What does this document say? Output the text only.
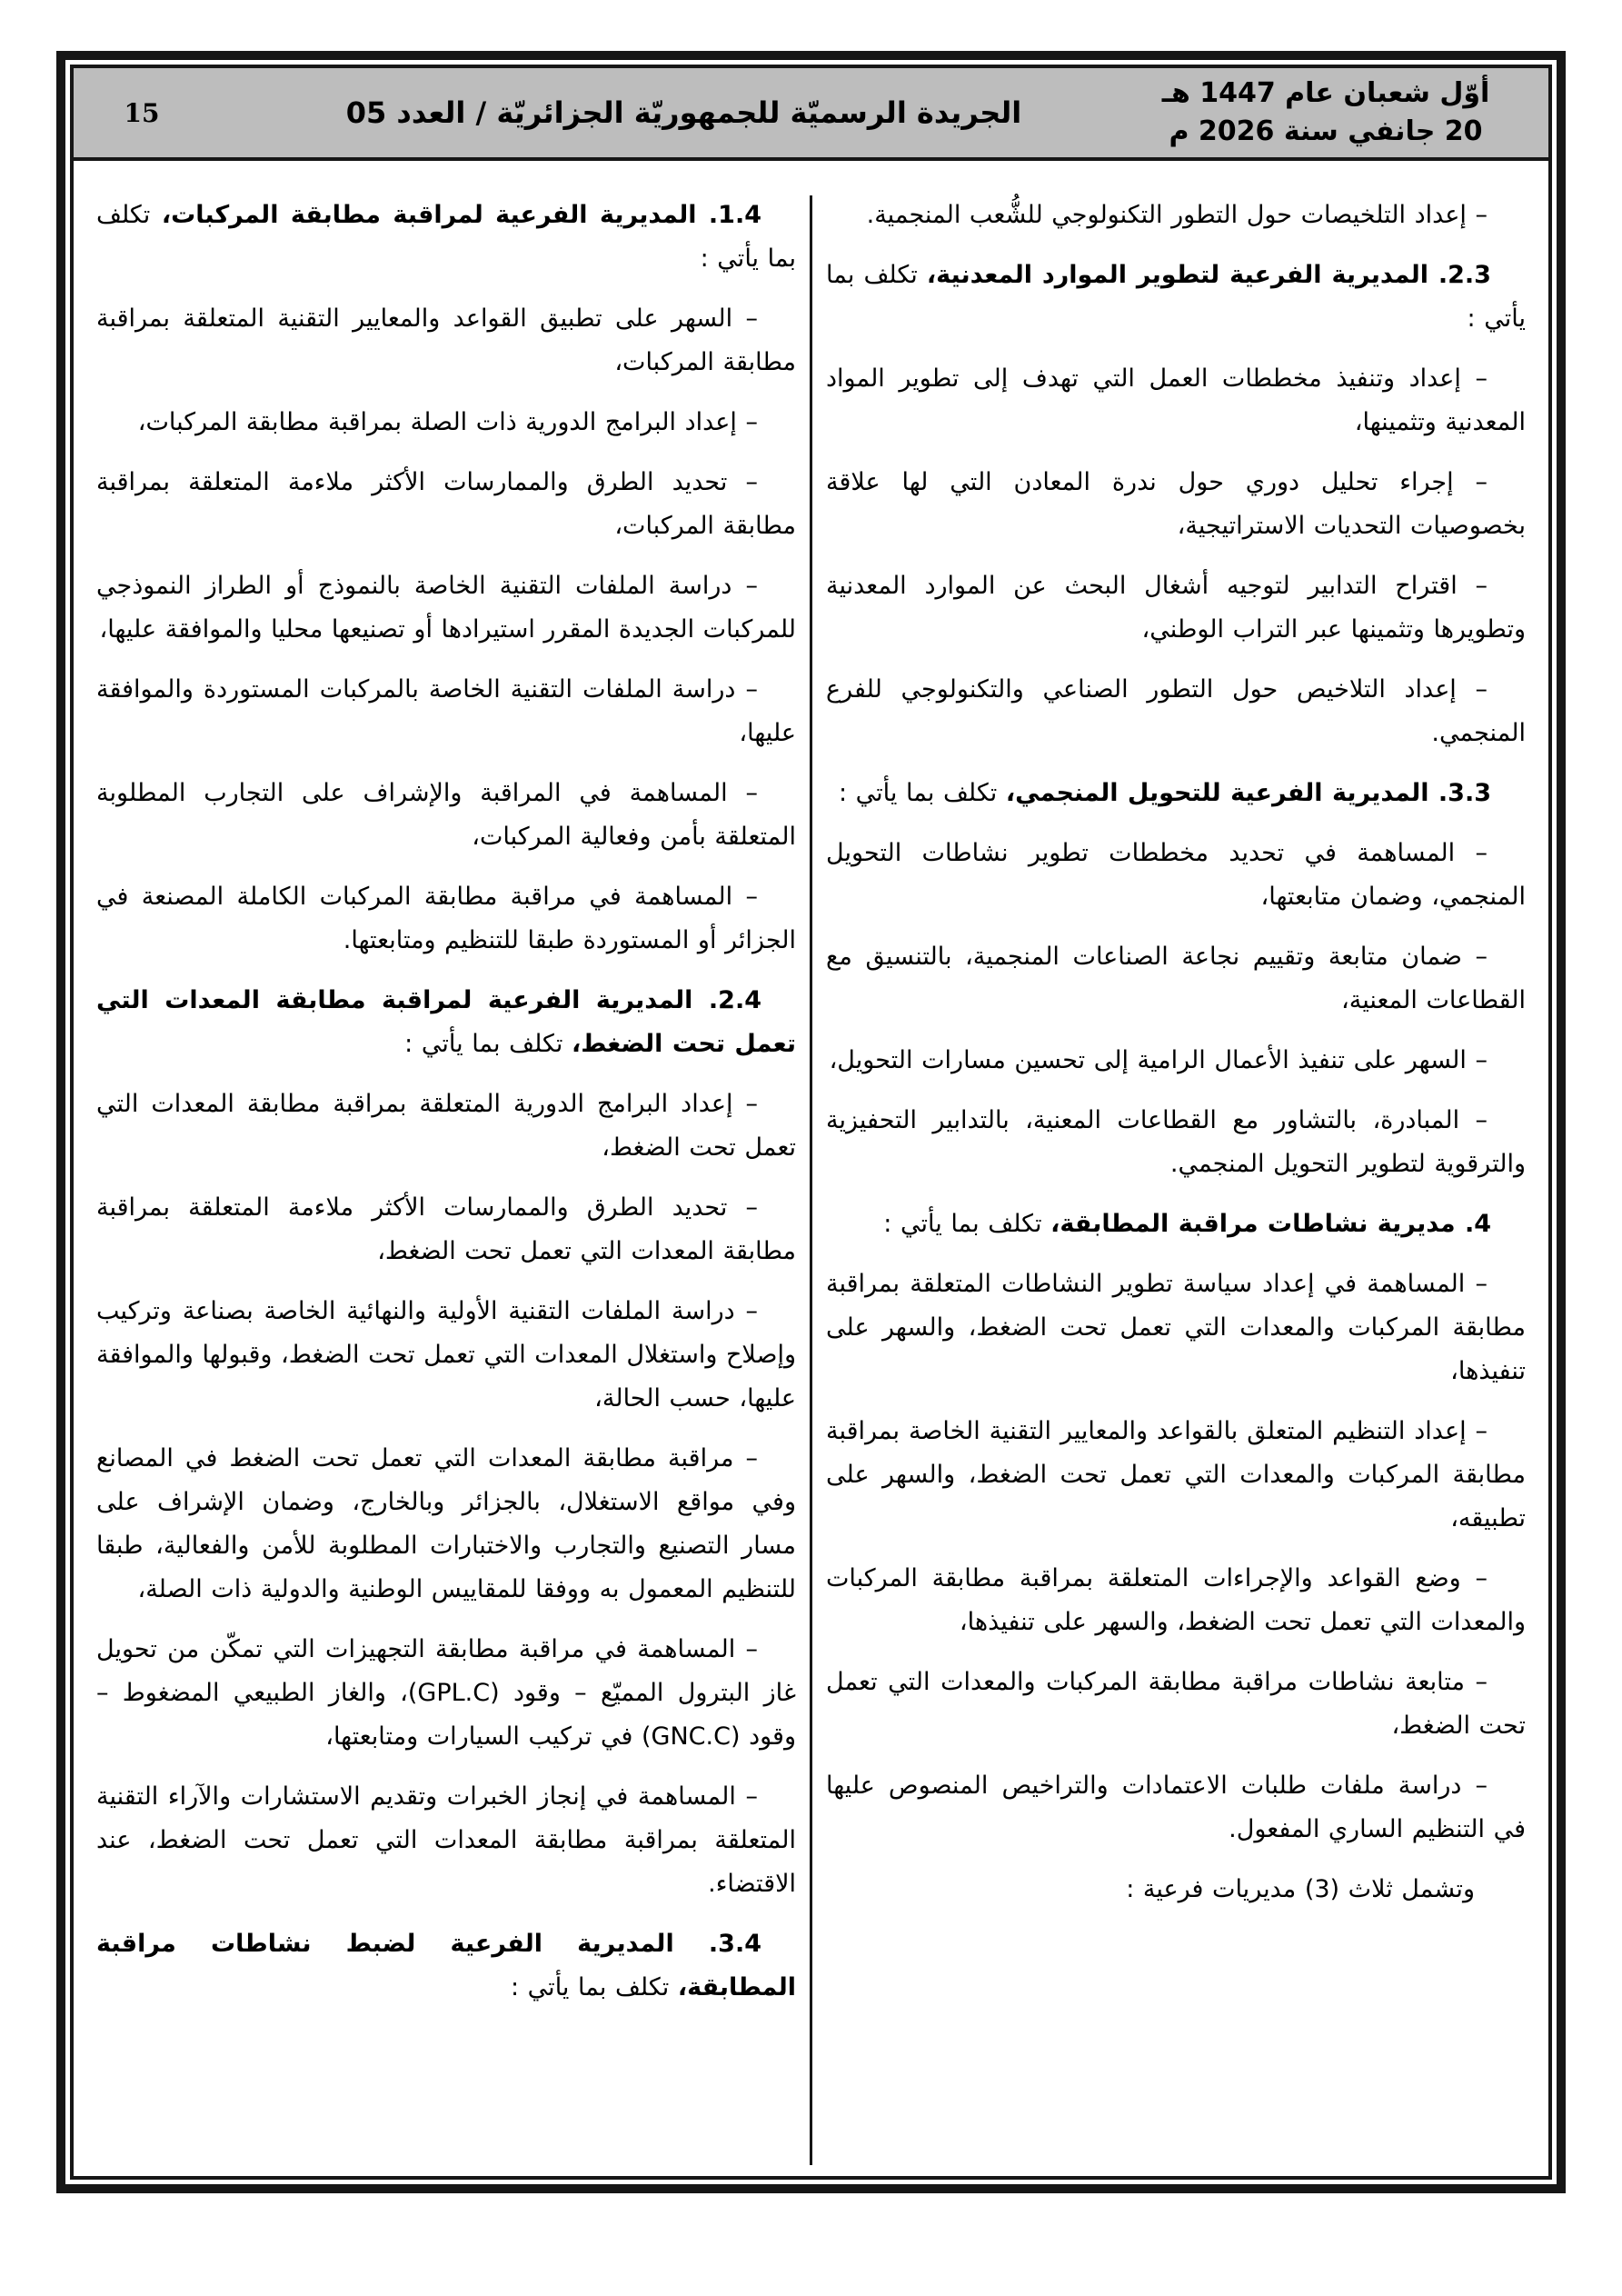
أوّل شعبان عام 1447 هـ
20 جانفي سنة 2026 م
الجريدة الرسميّة للجمهوريّة الجزائريّة / العدد 05
15

– إعداد التلخيصات حول التطور التكنولوجي للشُّعب المنجمية.

2.3. المديرية الفرعية لتطوير الموارد المعدنية، تكلف بما يأتي :

– إعداد وتنفيذ مخططات العمل التي تهدف إلى تطوير المواد المعدنية وتثمينها،

– إجراء تحليل دوري حول ندرة المعادن التي لها علاقة بخصوصيات التحديات الاستراتيجية،

– اقتراح التدابير لتوجيه أشغال البحث عن الموارد المعدنية وتطويرها وتثمينها عبر التراب الوطني،

– إعداد التلاخيص حول التطور الصناعي والتكنولوجي للفرع المنجمي.

3.3. المديرية الفرعية للتحويل المنجمي، تكلف بما يأتي :

– المساهمة في تحديد مخططات تطوير نشاطات التحويل المنجمي، وضمان متابعتها،

– ضمان متابعة وتقييم نجاعة الصناعات المنجمية، بالتنسيق مع القطاعات المعنية،

– السهر على تنفيذ الأعمال الرامية إلى تحسين مسارات التحويل،

– المبادرة، بالتشاور مع القطاعات المعنية، بالتدابير التحفيزية والترقوية لتطوير التحويل المنجمي.

4. مديرية نشاطات مراقبة المطابقة، تكلف بما يأتي :

– المساهمة في إعداد سياسة تطوير النشاطات المتعلقة بمراقبة مطابقة المركبات والمعدات التي تعمل تحت الضغط، والسهر على تنفيذها،

– إعداد التنظيم المتعلق بالقواعد والمعايير التقنية الخاصة بمراقبة مطابقة المركبات والمعدات التي تعمل تحت الضغط، والسهر على تطبيقه،

– وضع القواعد والإجراءات المتعلقة بمراقبة مطابقة المركبات والمعدات التي تعمل تحت الضغط، والسهر على تنفيذها،

– متابعة نشاطات مراقبة مطابقة المركبات والمعدات التي تعمل تحت الضغط،

– دراسة ملفات طلبات الاعتمادات والتراخيص المنصوص عليها في التنظيم الساري المفعول.

وتشمل ثلاث (3) مديريات فرعية :

1.4. المديرية الفرعية لمراقبة مطابقة المركبات، تكلف بما يأتي :

– السهر على تطبيق القواعد والمعايير التقنية المتعلقة بمراقبة مطابقة المركبات،

– إعداد البرامج الدورية ذات الصلة بمراقبة مطابقة المركبات،

– تحديد الطرق والممارسات الأكثر ملاءمة المتعلقة بمراقبة مطابقة المركبات،

– دراسة الملفات التقنية الخاصة بالنموذج أو الطراز النموذجي للمركبات الجديدة المقرر استيرادها أو تصنيعها محليا والموافقة عليها،

– دراسة الملفات التقنية الخاصة بالمركبات المستوردة والموافقة عليها،

– المساهمة في المراقبة والإشراف على التجارب المطلوبة المتعلقة بأمن وفعالية المركبات،

– المساهمة في مراقبة مطابقة المركبات الكاملة المصنعة في الجزائر أو المستوردة طبقا للتنظيم ومتابعتها.

2.4. المديرية الفرعية لمراقبة مطابقة المعدات التي تعمل تحت الضغط، تكلف بما يأتي :

– إعداد البرامج الدورية المتعلقة بمراقبة مطابقة المعدات التي تعمل تحت الضغط،

– تحديد الطرق والممارسات الأكثر ملاءمة المتعلقة بمراقبة مطابقة المعدات التي تعمل تحت الضغط،

– دراسة الملفات التقنية الأولية والنهائية الخاصة بصناعة وتركيب وإصلاح واستغلال المعدات التي تعمل تحت الضغط، وقبولها والموافقة عليها، حسب الحالة،

– مراقبة مطابقة المعدات التي تعمل تحت الضغط في المصانع وفي مواقع الاستغلال، بالجزائر وبالخارج، وضمان الإشراف على مسار التصنيع والتجارب والاختبارات المطلوبة للأمن والفعالية، طبقا للتنظيم المعمول به ووفقا للمقاييس الوطنية والدولية ذات الصلة،

– المساهمة في مراقبة مطابقة التجهيزات التي تمكّن من تحويل غاز البترول المميّع – وقود (GPL.C)، والغاز الطبيعي المضغوط – وقود (GNC.C) في تركيب السيارات ومتابعتها،

– المساهمة في إنجاز الخبرات وتقديم الاستشارات والآراء التقنية المتعلقة بمراقبة مطابقة المعدات التي تعمل تحت الضغط، عند الاقتضاء.

3.4. المديرية الفرعية لضبط نشاطات مراقبة المطابقة، تكلف بما يأتي :
